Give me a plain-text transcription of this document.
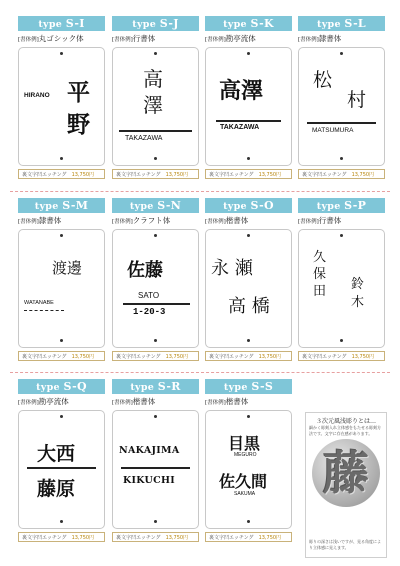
type S-I
[書体例]丸ゴシック体
HIRANO 平
野
裏文字凹エッチング 13,750円
type S-J
[書体例]行書体
高
澤
TAKAZAWA
裏文字凹エッチング 13,750円
type S-K
[書体例]勘亭流体
高澤
TAKAZAWA
裏文字凹エッチング 13,750円
type S-L
[書体例]隷書体
松
村
MATSUMURA
裏文字凹エッチング 13,750円
type S-M
[書体例]隷書体
渡邊
WATANABE
裏文字凹エッチング 13,750円
type S-N
[書体例]クラフト体
佐藤
SATO
1-20-3
裏文字凹エッチング 13,750円
type S-O
[書体例]楷書体
永 瀬
高 橋
裏文字凹エッチング 13,750円
type S-P
[書体例]行書体
久
保
田 鈴
木
裏文字凹エッチング 13,750円
type S-Q
[書体例]勘亭流体
大西
藤原
裏文字凹エッチング 13,750円
type S-R
[書体例]楷書体
NAKAJIMA
KIKUCHI
裏文字凹エッチング 13,750円
type S-S
[書体例]楷書体
目黒
MEGURO
佐久間
SAKUMA
裏文字凹エッチング 13,750円
３次元風浅彫りとは…
細かく彫刻入れ立体感をもたせる彫刻方法です。文字に存在感があります。
藤
彫りの深さは浅いですが、見る角度により立体感に見えます。
